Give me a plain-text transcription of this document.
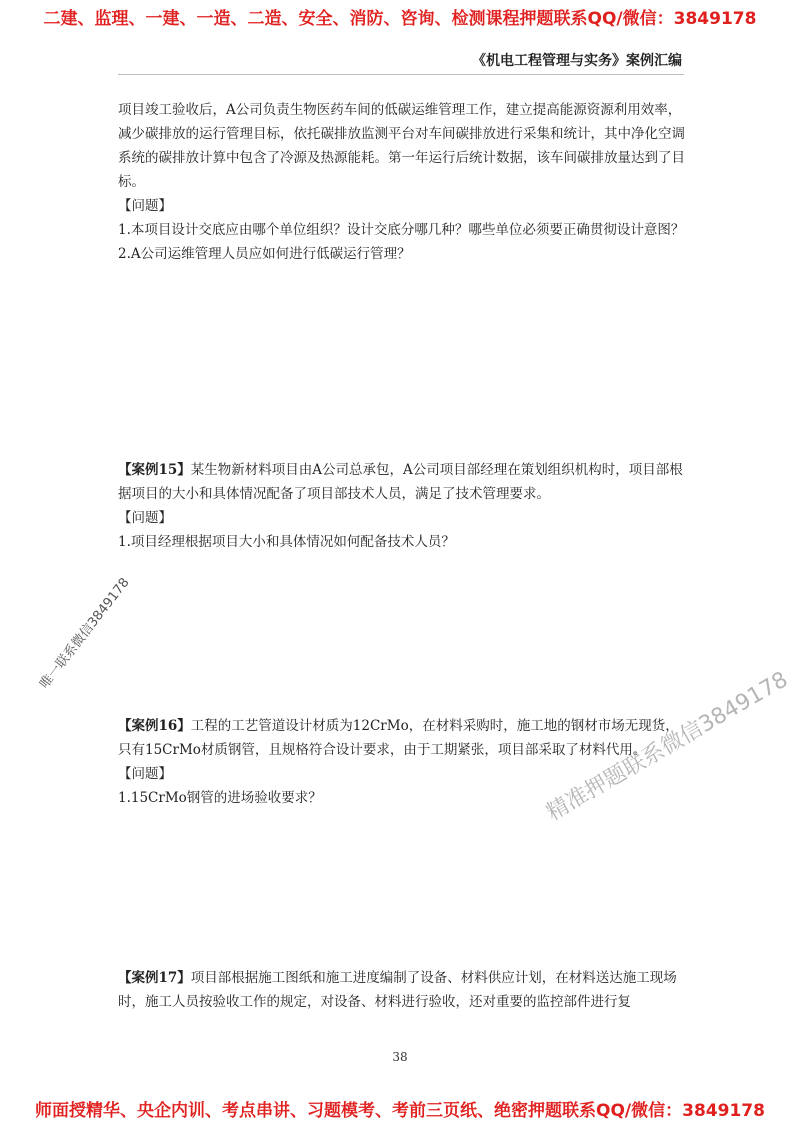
二建、监理、一建、一造、二造、安全、消防、咨询、检测课程押题联系QQ/微信：3849178
《机电工程管理与实务》案例汇编

项目竣工验收后，A公司负责生物医药车间的低碳运维管理工作，建立提高能源资源利用效率，减少碳排放的运行管理目标，依托碳排放监测平台对车间碳排放进行采集和统计，其中净化空调系统的碳排放计算中包含了冷源及热源能耗。第一年运行后统计数据，该车间碳排放量达到了目标。

【问题】

1.本项目设计交底应由哪个单位组织？设计交底分哪几种？哪些单位必须要正确贯彻设计意图？

2.A公司运维管理人员应如何进行低碳运行管理？

【案例15】某生物新材料项目由A公司总承包，A公司项目部经理在策划组织机构时，项目部根据项目的大小和具体情况配备了项目部技术人员，满足了技术管理要求。

【问题】

1.项目经理根据项目大小和具体情况如何配备技术人员？

【案例16】工程的工艺管道设计材质为12CrMo，在材料采购时，施工地的钢材市场无现货，只有15CrMo材质钢管，且规格符合设计要求，由于工期紧张，项目部采取了材料代用。

【问题】

1.15CrMo钢管的进场验收要求？

【案例17】项目部根据施工图纸和施工进度编制了设备、材料供应计划，在材料送达施工现场时，施工人员按验收工作的规定，对设备、材料进行验收，还对重要的监控部件进行复

38
唯一联系微信3849178
精准押题联系微信3849178
师面授精华、央企内训、考点串讲、习题模考、考前三页纸、绝密押题联系QQ/微信：3849178
